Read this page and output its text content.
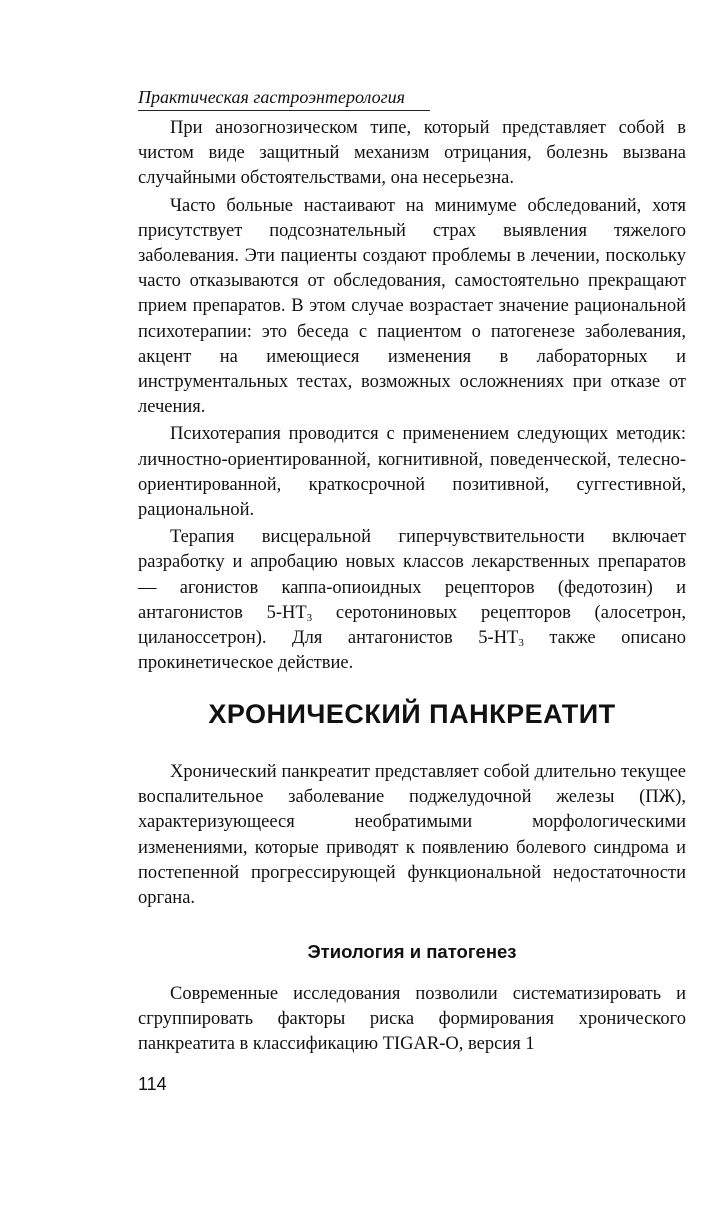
Практическая гастроэнтерология

При анозогнозическом типе, который представляет собой в чистом виде защитный механизм отрицания, болезнь вызвана случайными обстоятельствами, она несерьезна.

Часто больные настаивают на минимуме обследований, хотя присутствует подсознательный страх выявления тяжелого заболевания. Эти пациенты создают проблемы в лечении, поскольку часто отказываются от обследования, самостоятельно прекращают прием препаратов. В этом случае возрастает значение рациональной психотерапии: это беседа с пациентом о патогенезе заболевания, акцент на имеющиеся изменения в лабораторных и инструментальных тестах, возможных осложнениях при отказе от лечения.

Психотерапия проводится с применением следующих методик: личностно-ориентированной, когнитивной, поведенческой, телесно-ориентированной, краткосрочной позитивной, суггестивной, рациональной.

Терапия висцеральной гиперчувствительности включает разработку и апробацию новых классов лекарственных препаратов — агонистов каппа-опиоидных рецепторов (федотозин) и антагонистов $5-НТ_3$ серотониновых рецепторов (алосетрон, циланoccетрон). Для антагонистов $5-НТ_3$ также описано прокинетическое действие.

ХРОНИЧЕСКИЙ ПАНКРЕАТИТ

Хронический панкреатит представляет собой длительно текущее воспалительное заболевание поджелудочной железы (ПЖ), характеризующееся необратимыми морфологическими изменениями, которые приводят к появлению болевого синдрома и постепенной прогрессирующей функциональной недостаточности органа.

Этиология и патогенез

Современные исследования позволили систематизировать и сгруппировать факторы риска формирования хронического панкреатита в классификацию TIGAR-O, версия 1

114
